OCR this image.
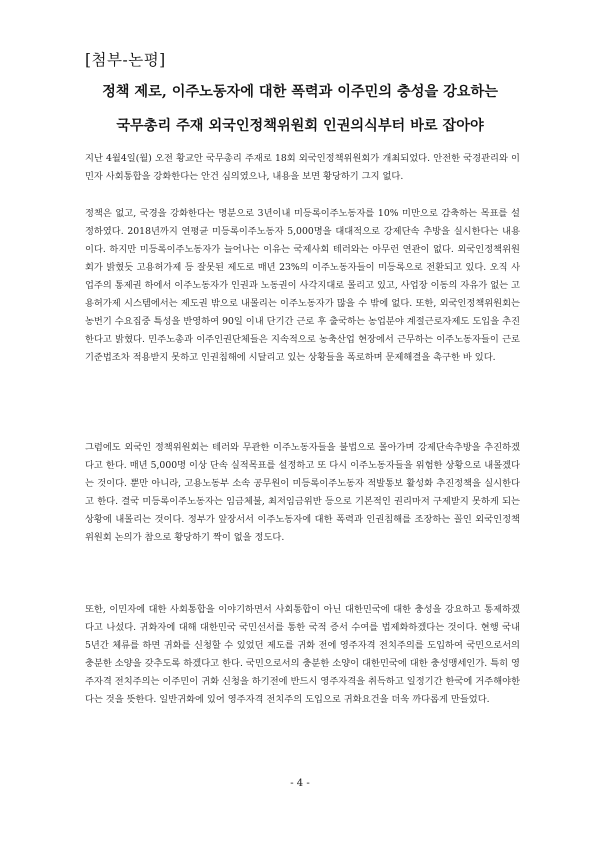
[첨부-논평]
정책 제로, 이주노동자에 대한 폭력과 이주민의 충성을 강요하는
국무총리 주재 외국인정책위원회 인권의식부터 바로 잡아야

지난 4월4일(월) 오전 황교안 국무총리 주재로 18회 외국인정책위원회가 개최되었다. 안전한 국경관리와 이민자 사회통합을 강화한다는 안건 심의였으나, 내용을 보면 황당하기 그지 없다.

정책은 없고, 국경을 강화한다는 명분으로 3년이내 미등록이주노동자를 10% 미만으로 감축하는 목표를 설정하였다. 2018년까지 연평균 미등록이주노동자 5,000명을 대대적으로 강제단속 추방을 실시한다는 내용이다. 하지만 미등록이주노동자가 늘어나는 이유는 국제사회 테러와는 아무런 연관이 없다. 외국인정책위원회가 밝혔듯 고용허가제 등 잘못된 제도로 매년 23%의 이주노동자들이 미등록으로 전환되고 있다. 오직 사업주의 통제권 하에서 이주노동자가 인권과 노동권이 사각지대로 몰리고 있고, 사업장 이동의 자유가 없는 고용허가제 시스템에서는 제도권 밖으로 내몰리는 이주노동자가 많을 수 밖에 없다. 또한, 외국인정책위원회는 농번기 수요집중 특성을 반영하여 90일 이내 단기간 근로 후 출국하는 농업분야 계절근로자제도 도입을 추진한다고 밝혔다. 민주노총과 이주인권단체들은 지속적으로 농축산업 현장에서 근무하는 이주노동자들이 근로기준법조차 적용받지 못하고 인권침해에 시달리고 있는 상황들을 폭로하며 문제해결을 촉구한 바 있다.

그럼에도 외국인 정책위원회는 테러와 무관한 이주노동자들을 불법으로 몰아가며 강제단속추방을 추진하겠다고 한다. 매년 5,000명 이상 단속 실적목표를 설정하고 또 다시 이주노동자들을 위험한 상황으로 내몰겠다는 것이다. 뿐만 아니라, 고용노동부 소속 공무원이 미등록이주노동자 적발통보 활성화 추진정책을 실시한다고 한다. 결국 미등록이주노동자는 임금체불, 최저임금위반 등으로 기본적인 권리마저 구제받지 못하게 되는 상황에 내몰리는 것이다. 정부가 앞장서서 이주노동자에 대한 폭력과 인권침해를 조장하는 꼴인 외국인정책위원회 논의가 참으로 황당하기 짝이 없을 정도다.

또한, 이민자에 대한 사회통합을 이야기하면서 사회통합이 아닌 대한민국에 대한 충성을 강요하고 통제하겠다고 나섰다. 귀화자에 대해 대한민국 국민선서를 통한 국적 증서 수여를 법제화하겠다는 것이다. 현행 국내 5년간 체류를 하면 귀화를 신청할 수 있었던 제도를 귀화 전에 영주자격 전치주의를 도입하여 국민으로서의 충분한 소양을 갖추도록 하겠다고 한다. 국민으로서의 충분한 소양이 대한민국에 대한 충성맹세인가. 특히 영주자격 전치주의는 이주민이 귀화 신청을 하기전에 반드시 영주자격을 취득하고 일정기간 한국에 거주해야한다는 것을 뜻한다. 일반귀화에 있어 영주자격 전치주의 도입으로 귀화요건을 더욱 까다롭게 만들었다.

- 4 -
